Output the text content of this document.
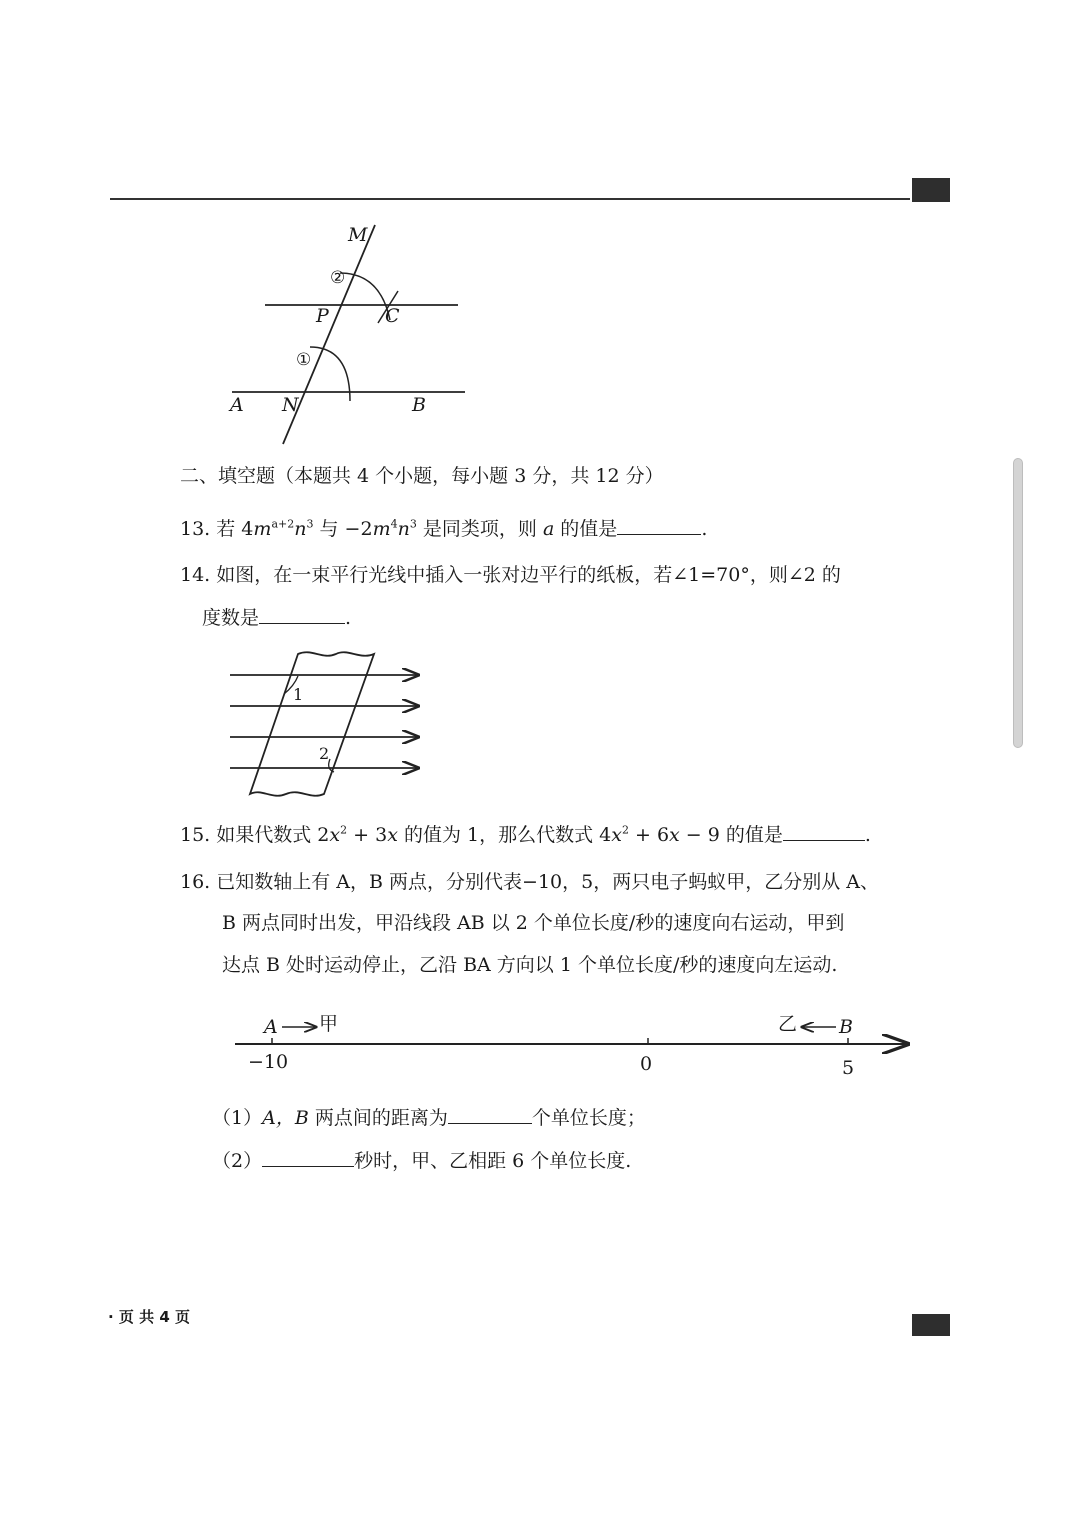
M
②
P	C
①
A N	B
二、填空题（本题共 4 个小题，每小题 3 分，共 12 分）
13. 若 $4m^{a+2}n^3$ 与 $-2m^4n^3$ 是同类项，则 a 的值是	.
14. 如图，在一束平行光线中插入一张对边平行的纸板，若∠1=70°，则∠2 的
度数是	.
1
2
15. 如果代数式 $2x^2 + 3x$ 的值为 1，那么代数式 $4x^2 + 6x - 9$ 的值是	.
16. 已知数轴上有 A，B 两点，分别代表−10，5，两只电子蚂蚁甲，乙分别从 A、
B 两点同时出发，甲沿线段 AB 以 2 个单位长度/秒的速度向右运动，甲到
达点 B 处时运动停止，乙沿 BA 方向以 1 个单位长度/秒的速度向左运动.
A 甲	乙 B
−10	0	5
（1）A，B 两点间的距离为	个单位长度；
（2）	秒时，甲、乙相距 6 个单位长度.
· 页 共 4 页
